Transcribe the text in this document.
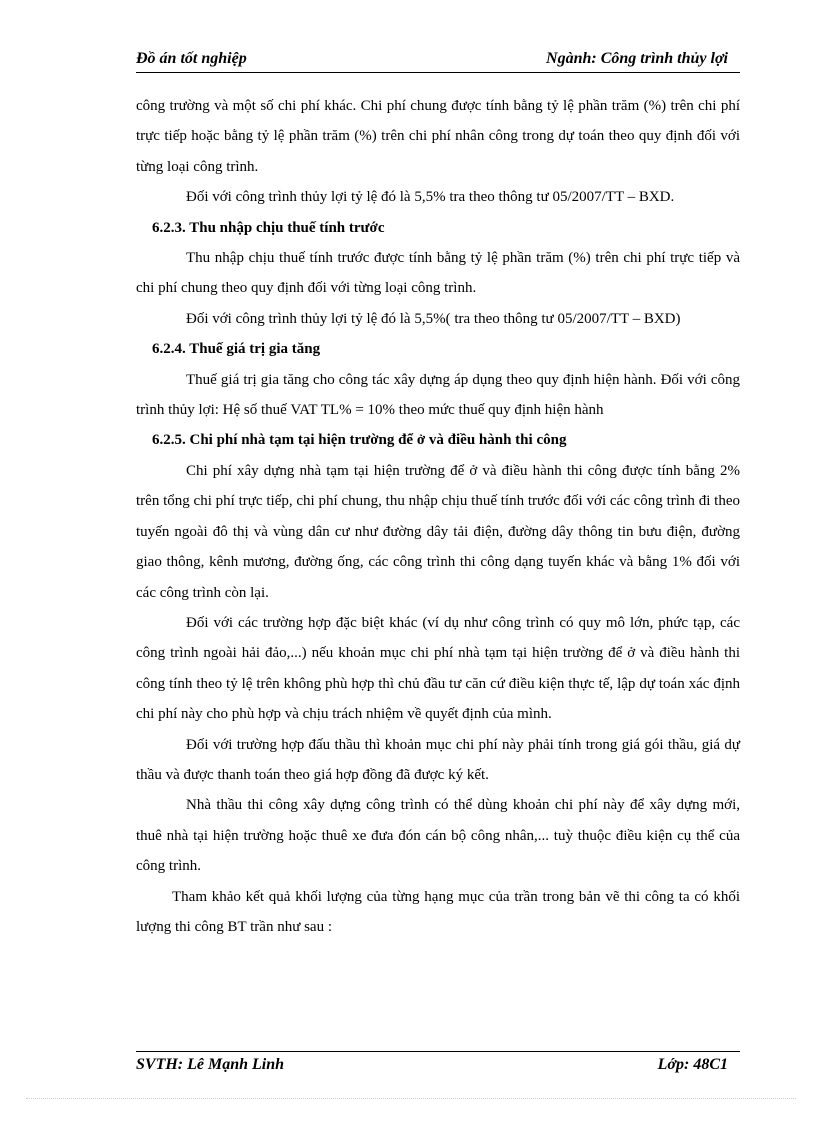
Đồ án tốt nghiệp	Ngành: Công trình thủy lợi

công trường và một số chi phí khác. Chi phí chung được tính bằng tỷ lệ phần trăm (%) trên chi phí trực tiếp hoặc bằng tỷ lệ phần trăm (%) trên chi phí nhân công trong dự toán theo quy định đối với từng loại công trình.

Đối với công trình thủy lợi tỷ lệ đó là 5,5% tra theo thông tư 05/2007/TT – BXD.

6.2.3. Thu nhập chịu thuế tính trước

Thu nhập chịu thuế tính trước được tính bằng tỷ lệ phần trăm (%) trên chi phí trực tiếp và chi phí chung theo quy định đối với từng loại công trình.

Đối với công trình thủy lợi tỷ lệ đó là 5,5%( tra theo thông tư 05/2007/TT – BXD)

6.2.4. Thuế giá trị gia tăng

Thuế giá trị gia tăng cho công tác xây dựng áp dụng theo quy định hiện hành. Đối với công trình thủy lợi: Hệ số thuế VAT TL% = 10% theo mức thuế quy định hiện hành

6.2.5. Chi phí nhà tạm tại hiện trường để ở và điều hành thi công

Chi phí xây dựng nhà tạm tại hiện trường để ở và điều hành thi công được tính bằng 2% trên tổng chi phí trực tiếp, chi phí chung, thu nhập chịu thuế tính trước đối với các công trình đi theo tuyến ngoài đô thị và vùng dân cư như đường dây tải điện, đường dây thông tin bưu điện, đường giao thông, kênh mương, đường ống, các công trình thi công dạng tuyến khác và bằng 1% đối với các công trình còn lại.

Đối với các trường hợp đặc biệt khác (ví dụ như công trình có quy mô lớn, phức tạp, các công trình ngoài hải đảo,...) nếu khoản mục chi phí nhà tạm tại hiện trường để ở và điều hành thi công tính theo tỷ lệ trên không phù hợp thì chủ đầu tư căn cứ điều kiện thực tế, lập dự toán xác định chi phí này cho phù hợp và chịu trách nhiệm về quyết định của mình.

Đối với trường hợp đấu thầu thì khoản mục chi phí này phải tính trong giá gói thầu, giá dự thầu và được thanh toán theo giá hợp đồng đã được ký kết.

Nhà thầu thi công xây dựng công trình có thể dùng khoản chi phí này để xây dựng mới, thuê nhà tại hiện trường hoặc thuê xe đưa đón cán bộ công nhân,... tuỳ thuộc điều kiện cụ thể của công trình.

Tham khảo kết quả khối lượng của từng hạng mục của trần trong bản vẽ thi công ta có khối lượng thi công BT trần như sau :

SVTH: Lê Mạnh Linh	Lớp: 48C1
